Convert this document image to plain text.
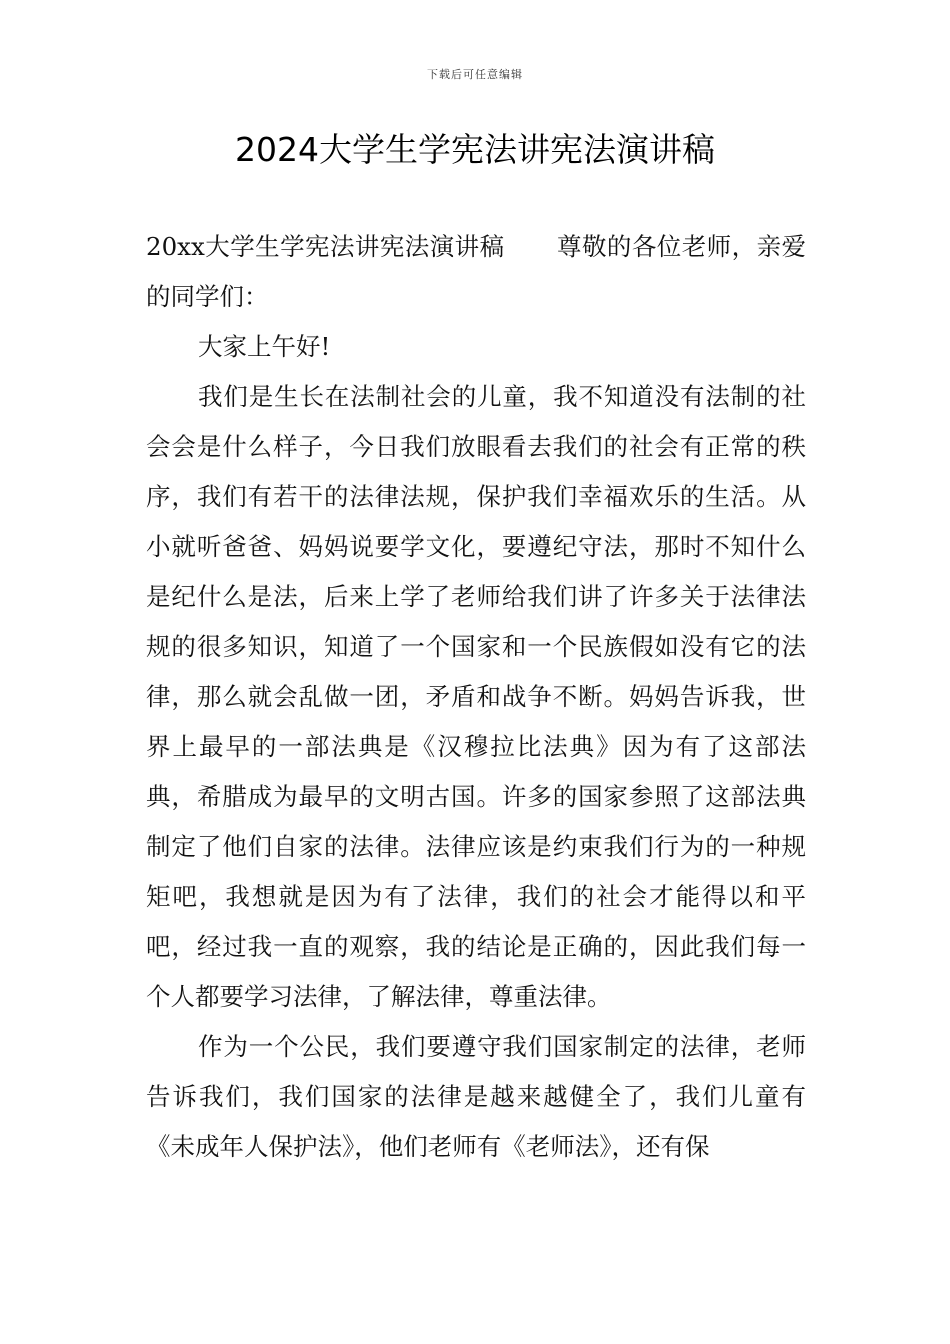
下载后可任意编辑
2024大学生学宪法讲宪法演讲稿

20xx大学生学宪法讲宪法演讲稿 尊敬的各位老师，亲爱的同学们：

大家上午好!

我们是生长在法制社会的儿童，我不知道没有法制的社会会是什么样子，今日我们放眼看去我们的社会有正常的秩序，我们有若干的法律法规，保护我们幸福欢乐的生活。从小就听爸爸、妈妈说要学文化，要遵纪守法，那时不知什么是纪什么是法，后来上学了老师给我们讲了许多关于法律法规的很多知识，知道了一个国家和一个民族假如没有它的法律，那么就会乱做一团，矛盾和战争不断。妈妈告诉我，世界上最早的一部法典是《汉穆拉比法典》因为有了这部法典，希腊成为最早的文明古国。许多的国家参照了这部法典制定了他们自家的法律。法律应该是约束我们行为的一种规矩吧，我想就是因为有了法律，我们的社会才能得以和平吧，经过我一直的观察，我的结论是正确的，因此我们每一个人都要学习法律，了解法律，尊重法律。

作为一个公民，我们要遵守我们国家制定的法律，老师告诉我们，我们国家的法律是越来越健全了，我们儿童有《未成年人保护法》，他们老师有《老师法》，还有保
